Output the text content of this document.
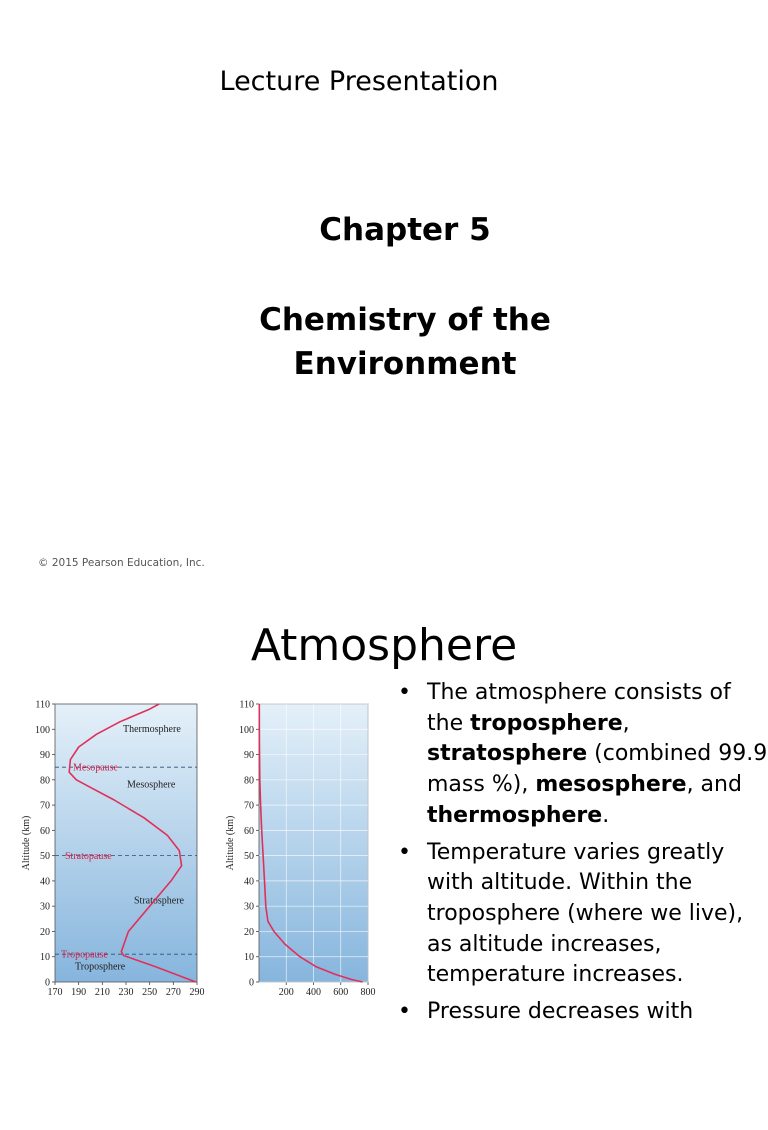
Lecture Presentation
Chapter 5
Chemistry of the
Environment
© 2015 Pearson Education, Inc.
Atmosphere
0
10
20
30
40
50
60
70
80
90
100
110
170 190 210 230 250 270 290
Altitude (km)
Mesopause
Stratopause
Tropopause
Thermosphere
Mesosphere
Stratosphere
Troposphere
0
10
20
30
40
50
60
70
80
90
100
110
200 400 600 800
Altitude (km)
• The atmosphere consists of the troposphere, stratosphere (combined 99.9 mass %), mesosphere, and thermosphere.
• Temperature varies greatly with altitude. Within the troposphere (where we live), as altitude increases, temperature increases.
• Pressure decreases with
